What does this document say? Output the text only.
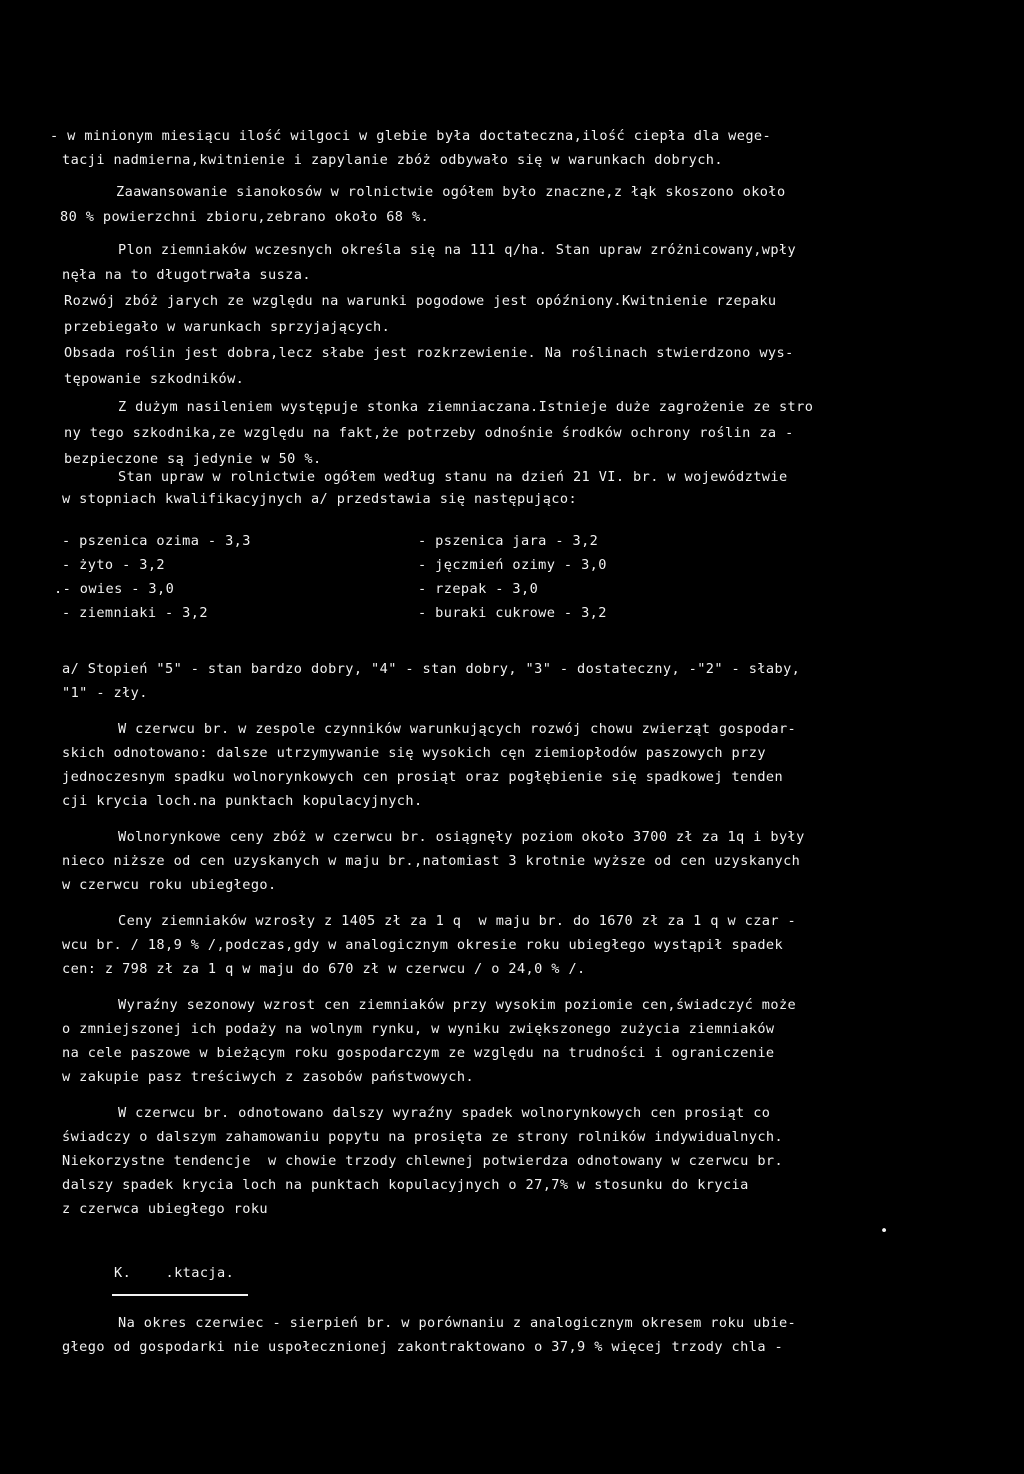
- w minionym miesiącu ilość wilgoci w glebie była doctateczna,ilość ciepła dla wege-
tacji nadmierna,kwitnienie i zapylanie zbóż odbywało się w warunkach dobrych.
Zaawansowanie sianokosów w rolnictwie ogółem było znaczne,z łąk skoszono około
80 % powierzchni zbioru,zebrano około 68 %.
Plon ziemniaków wczesnych określa się na 111 q/ha. Stan upraw zróżnicowany,wpły
nęła na to długotrwała susza.
Rozwój zbóż jarych ze względu na warunki pogodowe jest opóźniony.Kwitnienie rzepaku
przebiegało w warunkach sprzyjających.
Obsada roślin jest dobra,lecz słabe jest rozkrzewienie. Na roślinach stwierdzono wys-
tępowanie szkodników.
Z dużym nasileniem występuje stonka ziemniaczana.Istnieje duże zagrożenie ze stro
ny tego szkodnika,ze względu na fakt,że potrzeby odnośnie środków ochrony roślin za -
bezpieczone są jedynie w 50 %.
Stan upraw w rolnictwie ogółem według stanu na dzień 21 VI. br. w województwie
w stopniach kwalifikacyjnych a/ przedstawia się następująco:
- pszenica ozima - 3,3
- żyto - 3,2
.- owies - 3,0
- ziemniaki - 3,2
- pszenica jara - 3,2
- jęczmień ozimy - 3,0
- rzepak - 3,0
- buraki cukrowe - 3,2
a/ Stopień "5" - stan bardzo dobry, "4" - stan dobry, "3" - dostateczny, -"2" - słaby,
"1" - zły.
W czerwcu br. w zespole czynników warunkujących rozwój chowu zwierząt gospodar-
skich odnotowano: dalsze utrzymywanie się wysokich cęn ziemiopłodów paszowych przy
jednoczesnym spadku wolnorynkowych cen prosiąt oraz pogłębienie się spadkowej tenden
cji krycia loch.na punktach kopulacyjnych.
Wolnorynkowe ceny zbóż w czerwcu br. osiągnęły poziom około 3700 zł za 1q i były
nieco niższe od cen uzyskanych w maju br.,natomiast 3 krotnie wyższe od cen uzyskanych
w czerwcu roku ubiegłego.
Ceny ziemniaków wzrosły z 1405 zł za 1 q  w maju br. do 1670 zł za 1 q w czar -
wcu br. / 18,9 % /,podczas,gdy w analogicznym okresie roku ubiegłego wystąpił spadek
cen: z 798 zł za 1 q w maju do 670 zł w czerwcu / o 24,0 % /.
Wyraźny sezonowy wzrost cen ziemniaków przy wysokim poziomie cen,świadczyć może
o zmniejszonej ich podaży na wolnym rynku, w wyniku zwiększonego zużycia ziemniaków
na cele paszowe w bieżącym roku gospodarczym ze względu na trudności i ograniczenie
w zakupie pasz treściwych z zasobów państwowych.
W czerwcu br. odnotowano dalszy wyraźny spadek wolnorynkowych cen prosiąt co
świadczy o dalszym zahamowaniu popytu na prosięta ze strony rolników indywidualnych.
Niekorzystne tendencje  w chowie trzody chlewnej potwierdza odnotowany w czerwcu br.
dalszy spadek krycia loch na punktach kopulacyjnych o 27,7% w stosunku do krycia
z czerwca ubiegłego roku
•
K.    .ktacja.
Na okres czerwiec - sierpień br. w porównaniu z analogicznym okresem roku ubie-
głego od gospodarki nie uspołecznionej zakontraktowano o 37,9 % więcej trzody chla -
